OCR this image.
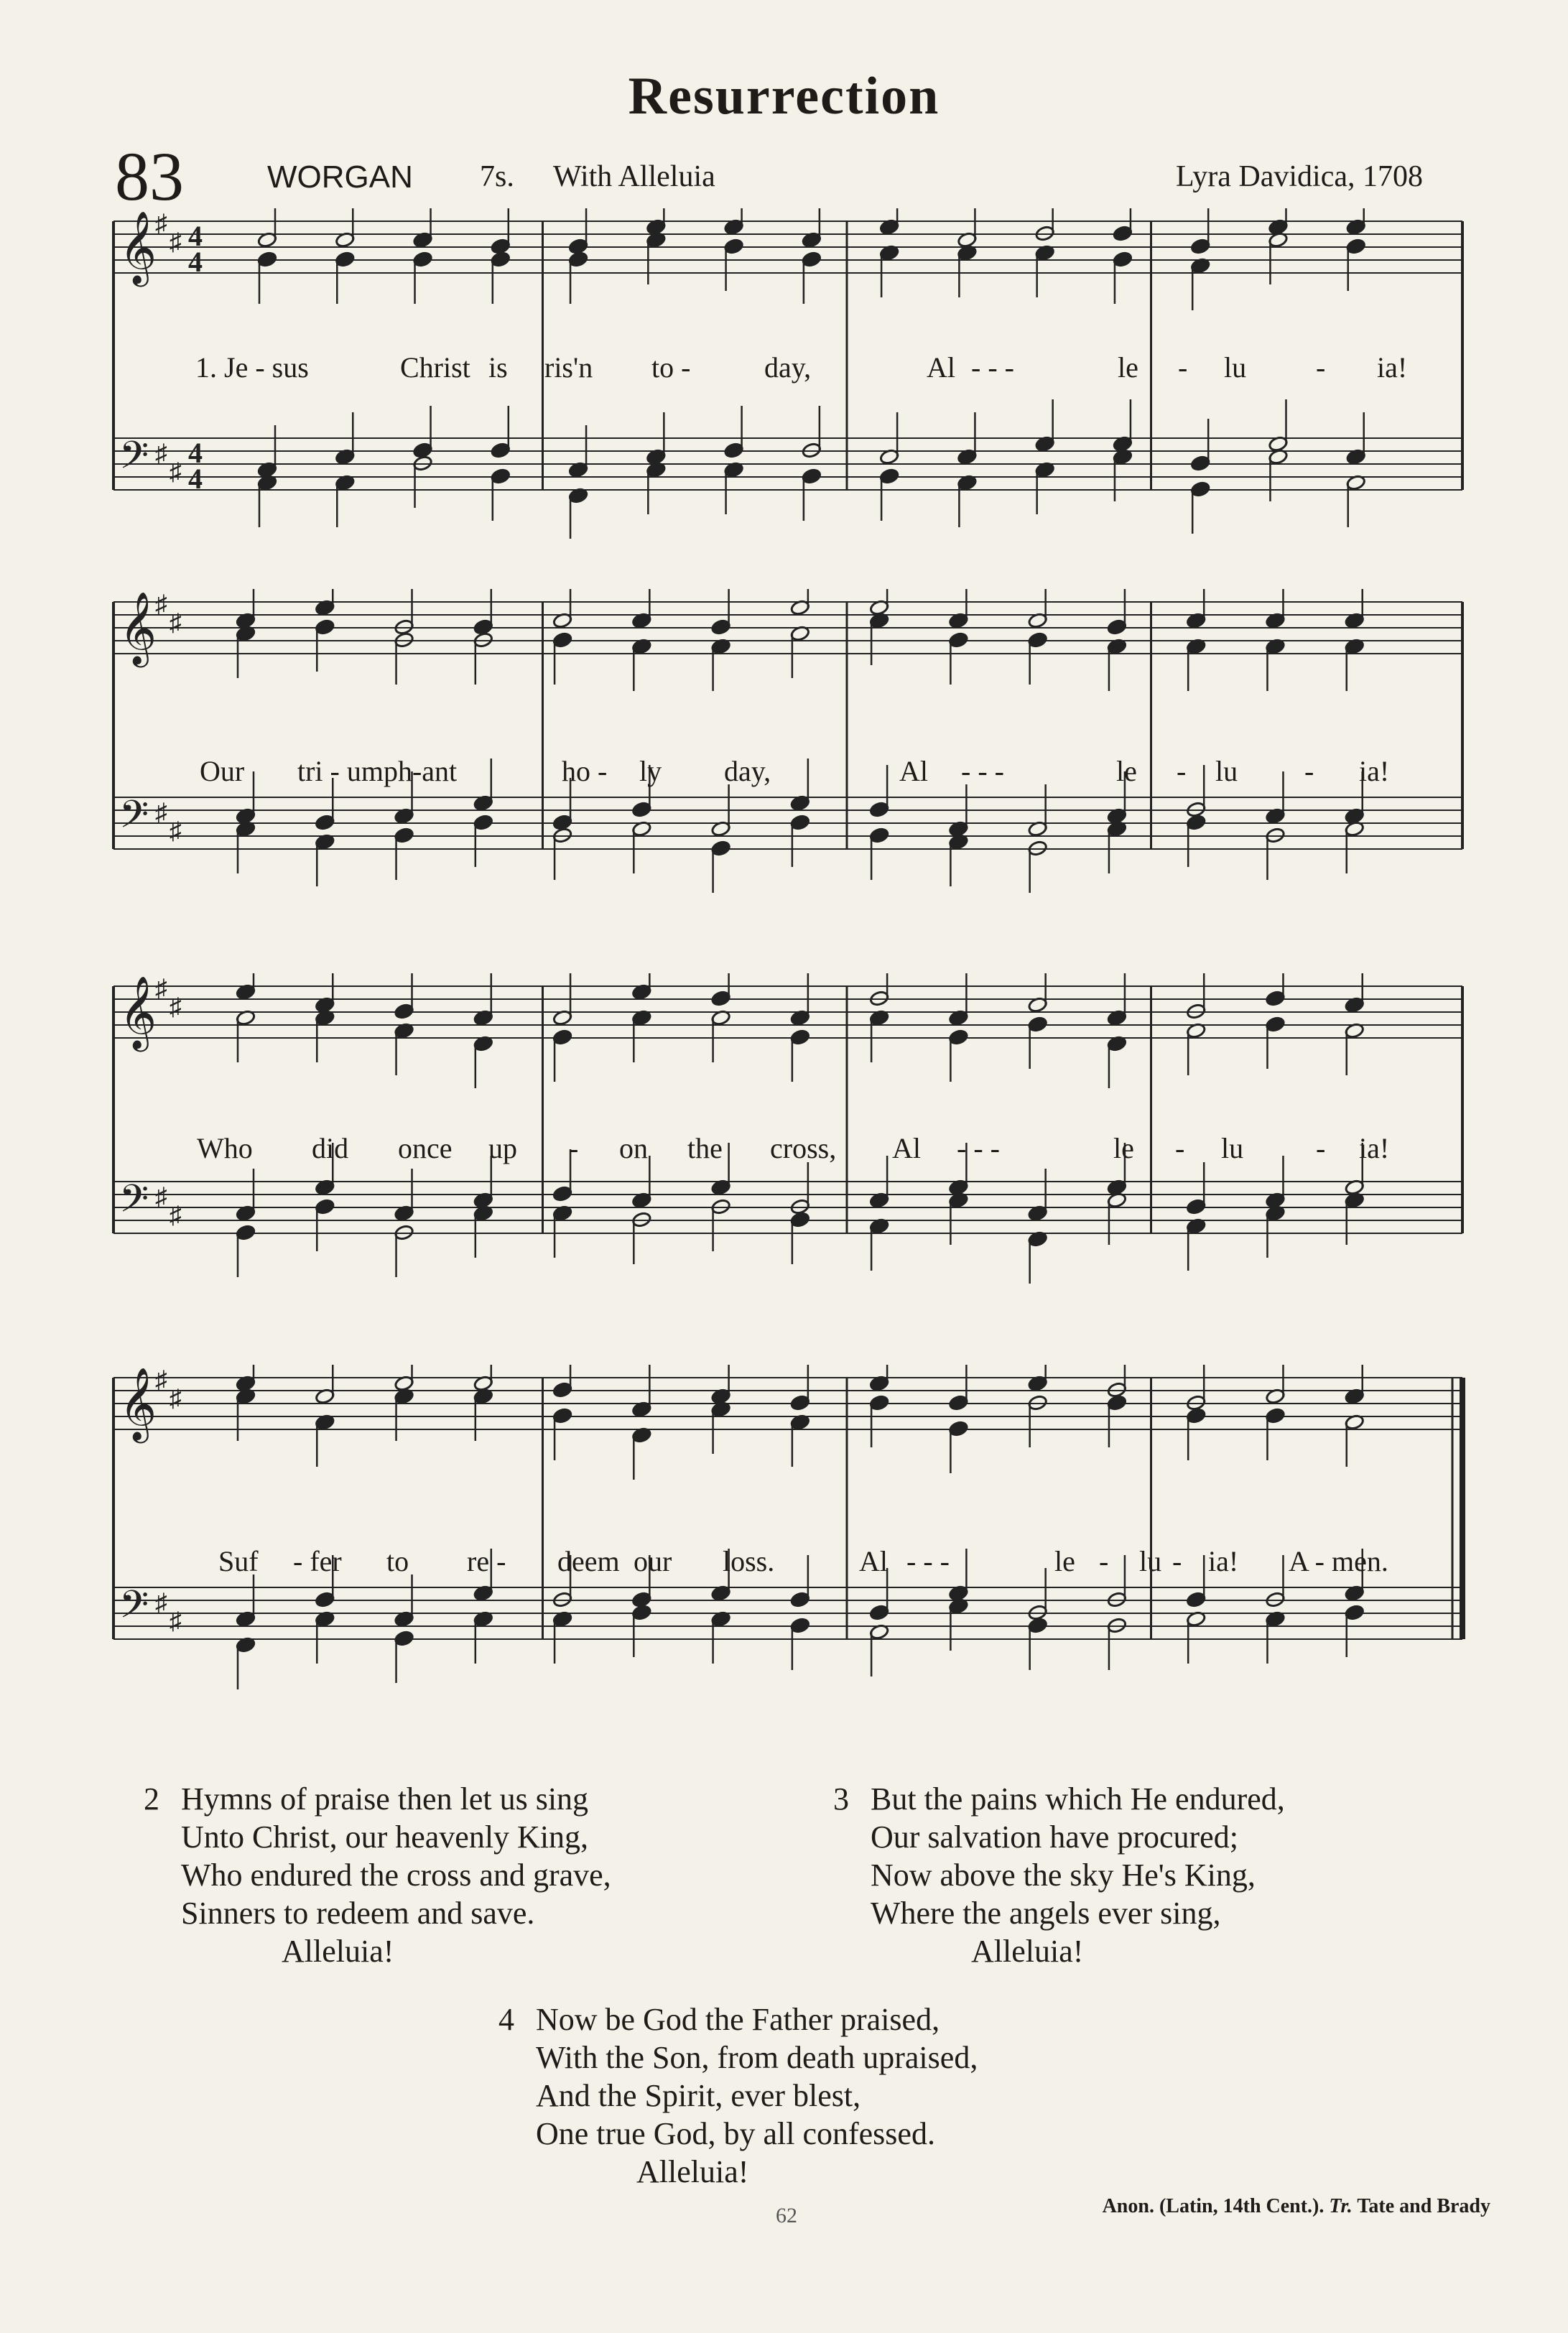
Resurrection
83	WORGAN 7s. With Alleluia	Lyra Davidica, 1708
𝄞
♯
♯ 4
4
𝄢 ♯
♯
4
4
1. Je - sus	Christ is ris'n to -	day,	Al - - -	le - lu - ia!
𝄞
♯
♯
𝄢 ♯
♯
Our tri - umph-ant	ho - ly day,	Al - - -	le - lu - ia!
𝄞
♯
♯
𝄢 ♯
♯
Who did once up - on the cross, Al - - -	le - lu	- ia!
𝄞
♯
♯
𝄢 ♯
♯
Suf - fer to re - deem our loss.	Al - - -	le - lu - ia! A - men.
2 Hymns of praise then let us sing
Unto Christ, our heavenly King,
Who endured the cross and grave,
Sinners to redeem and save.
Alleluia!
3 But the pains which He endured,
Our salvation have procured;
Now above the sky He's King,
Where the angels ever sing,
Alleluia!
4 Now be God the Father praised,
With the Son, from death upraised,
And the Spirit, ever blest,
One true God, by all confessed.
Alleluia!
62	Anon. (Latin, 14th Cent.). Tr. Tate and Brady
